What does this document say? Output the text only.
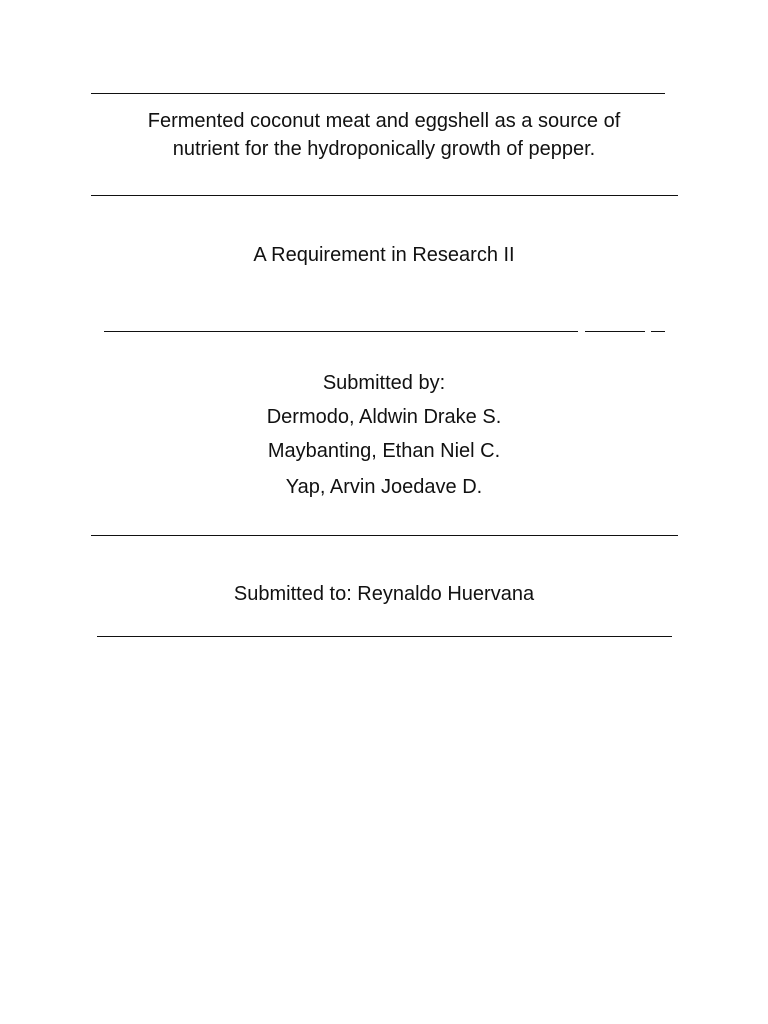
Fermented coconut meat and eggshell as a source of
nutrient for the hydroponically growth of pepper.
A Requirement in Research II
Submitted by:
Dermodo, Aldwin Drake S.
Maybanting, Ethan Niel C.
Yap, Arvin Joedave D.
Submitted to: Reynaldo Huervana
